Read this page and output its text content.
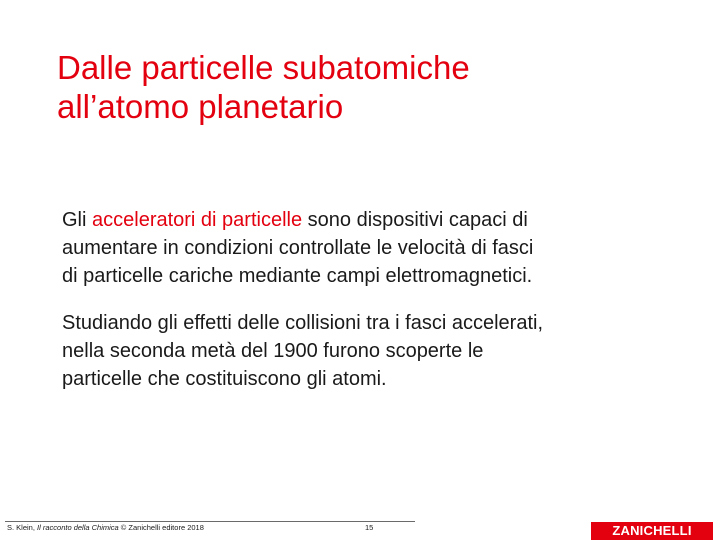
Dalle particelle subatomiche
all’atomo planetario

Gli acceleratori di particelle sono dispositivi capaci di
aumentare in condizioni controllate le velocità di fasci
di particelle cariche mediante campi elettromagnetici.

Studiando gli effetti delle collisioni tra i fasci accelerati,
nella seconda metà del 1900 furono scoperte le
particelle che costituiscono gli atomi.

S. Klein, Il racconto della Chimica © Zanichelli editore 2018	15	ZANICHELLI
